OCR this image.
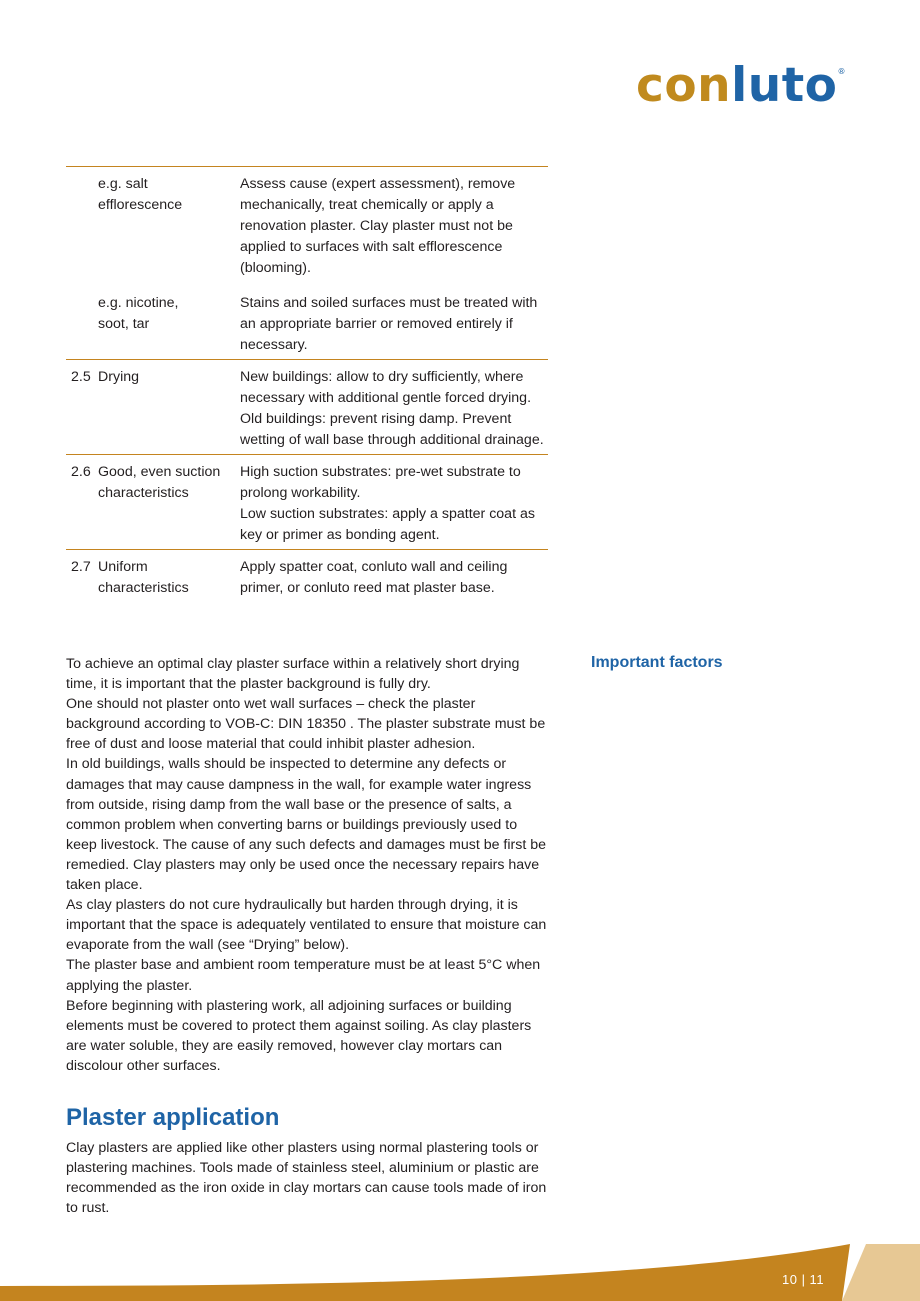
conluto®
e.g. salt
efflorescence
Assess cause (expert assessment), remove mechanically, treat chemically or apply a renovation plaster. Clay plaster must not be applied to surfaces with salt efflorescence (blooming).
e.g. nicotine,
soot, tar
Stains and soiled surfaces must be treated with an appropriate barrier or removed entirely if necessary.
2.5 Drying	New buildings: allow to dry sufficiently, where necessary with additional gentle forced drying.
Old buildings: prevent rising damp. Prevent wetting of wall base through additional drainage.
2.6 Good, even suction
characteristics
High suction substrates: pre-wet substrate to prolong workability.
Low suction substrates: apply a spatter coat as key or primer as bonding agent.
2.7 Uniform
characteristics
Apply spatter coat, conluto wall and ceiling primer, or conluto reed mat plaster base.

To achieve an optimal clay plaster surface within a relatively short drying time, it is important that the plaster background is fully dry.

One should not plaster onto wet wall surfaces – check the plaster background according to VOB-C: DIN 18350 . The plaster substrate must be free of dust and loose material that could inhibit plaster adhesion.

In old buildings, walls should be inspected to determine any defects or damages that may cause dampness in the wall, for example water ingress from outside, rising damp from the wall base or the presence of salts, a common problem when converting barns or buildings previously used to keep livestock. The cause of any such defects and damages must be first be remedied. Clay plasters may only be used once the necessary repairs have taken place.

As clay plasters do not cure hydraulically but harden through drying, it is important that the space is adequately ventilated to ensure that moisture can evaporate from the wall (see “Drying” below).

The plaster base and ambient room temperature must be at least 5°C when applying the plaster.

Before beginning with plastering work, all adjoining surfaces or building elements must be covered to protect them against soiling. As clay plasters are water soluble, they are easily removed, however clay mortars can discolour other surfaces.

Important factors
Plaster application

Clay plasters are applied like other plasters using normal plastering tools or plastering machines. Tools made of stainless steel, aluminium or plastic are recommended as the iron oxide in clay mortars can cause tools made of iron to rust.

10 | 11
